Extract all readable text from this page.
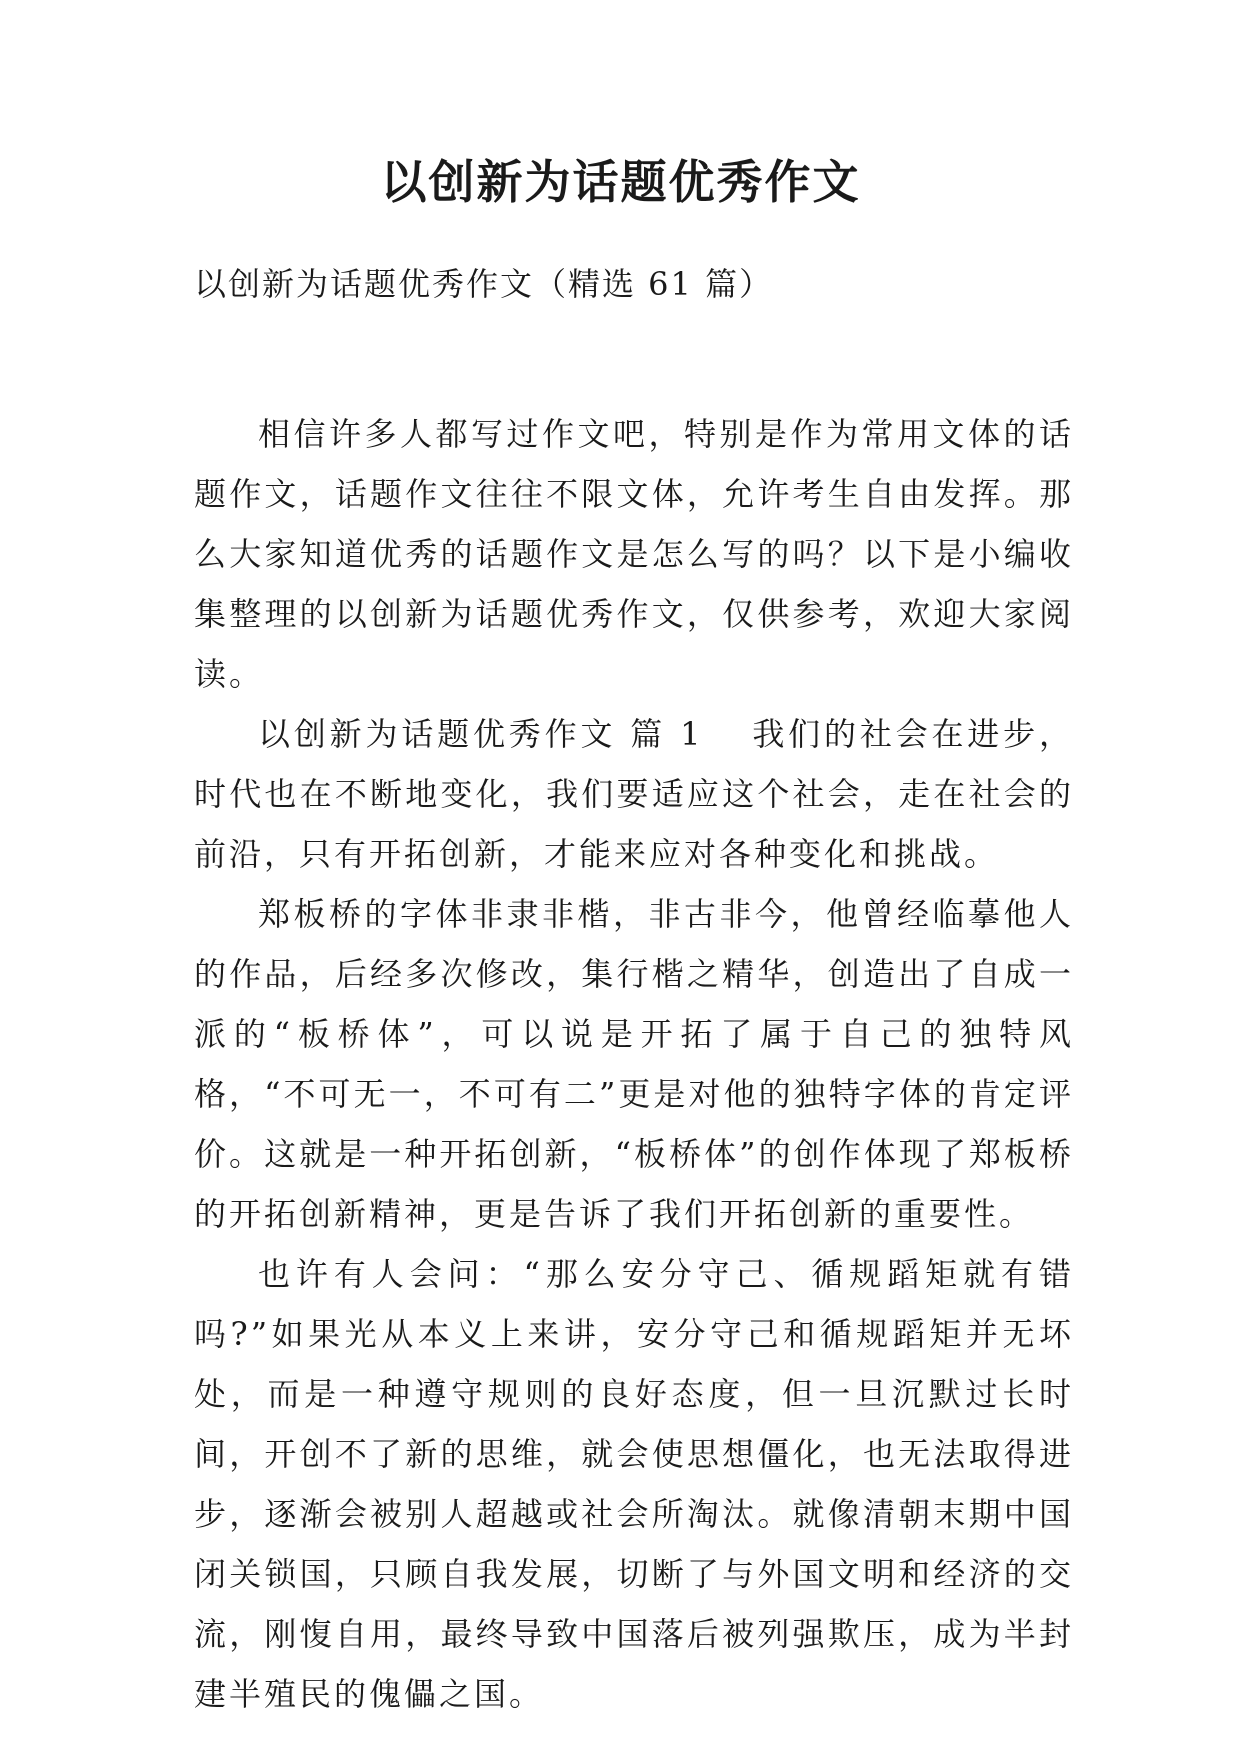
以创新为话题优秀作文
以创新为话题优秀作文（精选 61 篇）

相信许多人都写过作文吧，特别是作为常用文体的话题作文，话题作文往往不限文体，允许考生自由发挥。那么大家知道优秀的话题作文是怎么写的吗？以下是小编收集整理的以创新为话题优秀作文，仅供参考，欢迎大家阅读。

以创新为话题优秀作文 篇 1 我们的社会在进步，时代也在不断地变化，我们要适应这个社会，走在社会的前沿，只有开拓创新，才能来应对各种变化和挑战。

郑板桥的字体非隶非楷，非古非今，他曾经临摹他人的作品，后经多次修改，集行楷之精华，创造出了自成一派的“板桥体”，可以说是开拓了属于自己的独特风格，“不可无一，不可有二”更是对他的独特字体的肯定评价。这就是一种开拓创新，“板桥体”的创作体现了郑板桥的开拓创新精神，更是告诉了我们开拓创新的重要性。

也许有人会问：“那么安分守己、循规蹈矩就有错吗?”如果光从本义上来讲，安分守己和循规蹈矩并无坏处，而是一种遵守规则的良好态度，但一旦沉默过长时间，开创不了新的思维，就会使思想僵化，也无法取得进步，逐渐会被别人超越或社会所淘汰。就像清朝末期中国闭关锁国，只顾自我发展，切断了与外国文明和经济的交流，刚愎自用，最终导致中国落后被列强欺压，成为半封建半殖民的傀儡之国。
